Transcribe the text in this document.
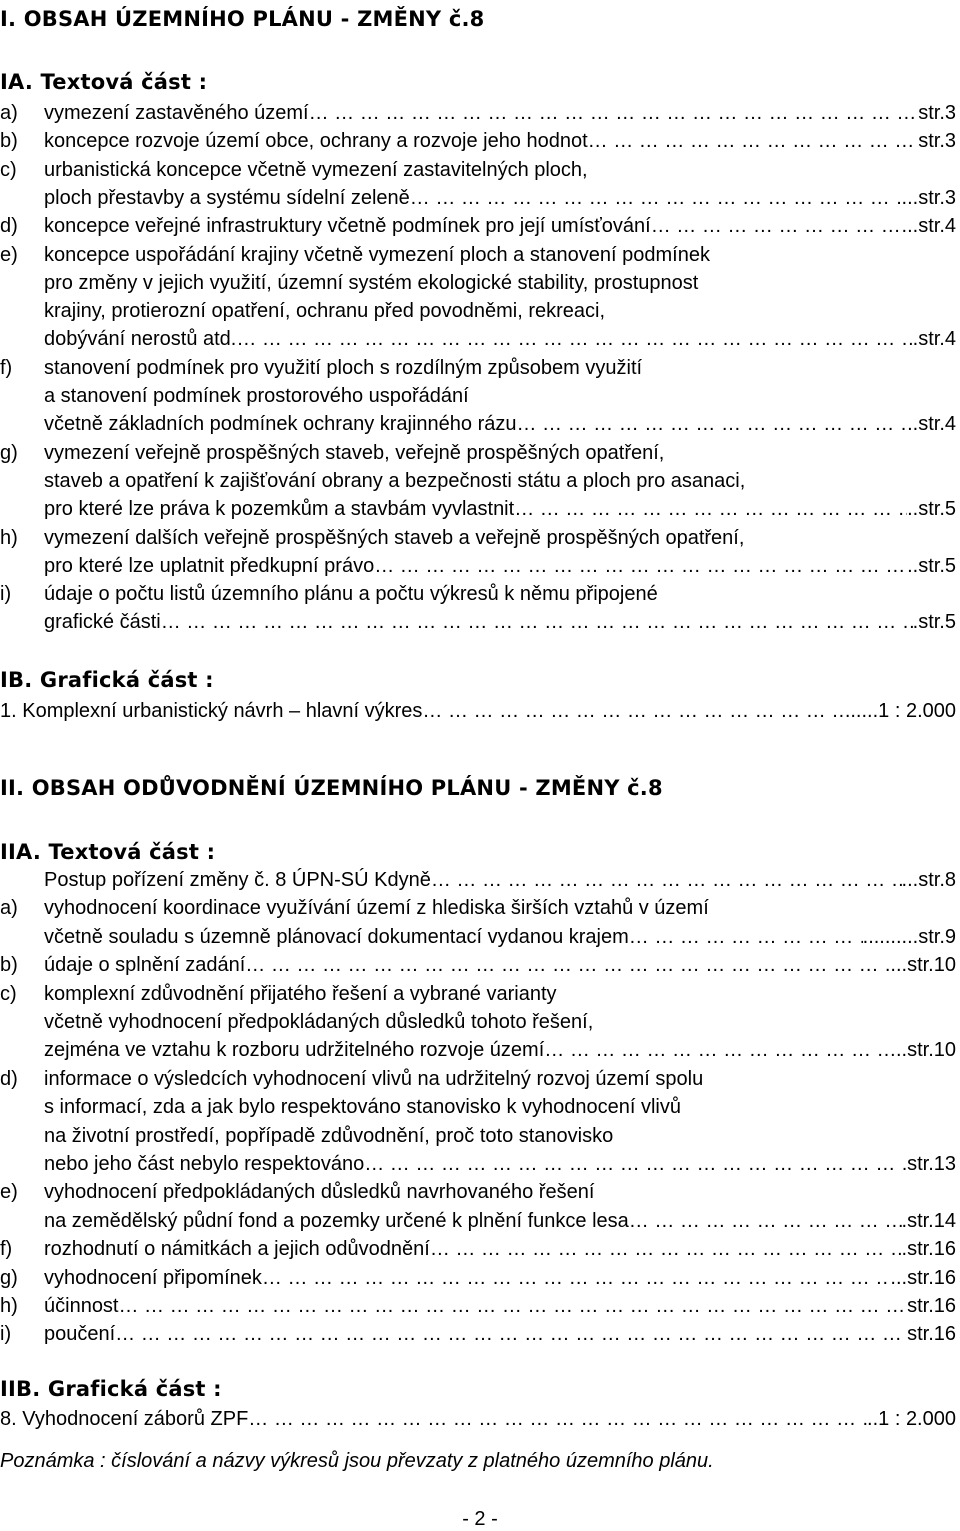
I. OBSAH ÚZEMNÍHO PLÁNU - ZMĚNY č.8
IA. Textová část :
a) vymezení zastavěného území … … … … … … … … … … … … … … … … … … … … … … … … … … … … … … … … …	str.3
b) koncepce rozvoje území obce, ochrany a rozvoje jeho hodnot … … … … … … … … … … … … … … … … … … … … … … … … … … … … … … … … …	str.3
c) urbanistická koncepce včetně vymezení zastavitelných ploch,
ploch přestavby a systému sídelní zeleně … … … … … … … … … … … … … … … … … … … … … … … … … … … … … … … … …	...str.3
d) koncepce veřejné infrastruktury včetně podmínek pro její umísťování … … … … … … … … … … … … … … … … … … … … … … … … … … … … … … … … …	...str.4
e) koncepce uspořádání krajiny včetně vymezení ploch a stanovení podmínek
pro změny v jejich využití, územní systém ekologické stability, prostupnost
krajiny, protierozní opatření, ochranu před povodněmi, rekreaci,
dobývání nerostů atd. … … … … … … … … … … … … … … … … … … … … … … … … … … … … … … … … …	.str.4
f) stanovení podmínek pro využití ploch s rozdílným způsobem využití
a stanovení podmínek prostorového uspořádání
včetně základních podmínek ochrany krajinného rázu … … … … … … … … … … … … … … … … … … … … … … … … … … … … … … … … …	..str.4
g) vymezení veřejně prospěšných staveb, veřejně prospěšných opatření,
staveb a opatření k zajišťování obrany a bezpečnosti státu a ploch pro asanaci,
pro které lze práva k pozemkům a stavbám vyvlastnit … … … … … … … … … … … … … … … … … … … … … … … … … … … … … … … … …	..str.5
h) vymezení dalších veřejně prospěšných staveb a veřejně prospěšných opatření,
pro které lze uplatnit předkupní právo … … … … … … … … … … … … … … … … … … … … … … … … … … … … … … … … …	..str.5
i) údaje o počtu listů územního plánu a počtu výkresů k němu připojené
grafické části … … … … … … … … … … … … … … … … … … … … … … … … … … … … … … … … …	.str.5
IB. Grafická část :
1. Komplexní urbanistický návrh – hlavní výkres … … … … … … … … … … … … … … … … … … … … … … … … … … … … … … … … …	......1 : 2.000
II. OBSAH ODŮVODNĚNÍ ÚZEMNÍHO PLÁNU - ZMĚNY č.8
IIA. Textová část :
Postup pořízení změny č. 8 ÚPN-SÚ Kdyně … … … … … … … … … … … … … … … … … … … … … … … … … … … … … … … … …	...str.8
a) vyhodnocení koordinace využívání území z hlediska širších vztahů v území
včetně souladu s územně plánovací dokumentací vydanou krajem … … … … … … … … … … … … … … … … … … … … … … … … … … … … … … … … …	..........str.9
b) údaje o splnění zadání … … … … … … … … … … … … … … … … … … … … … … … … … … … … … … … … …	....str.10
c) komplexní zdůvodnění přijatého řešení a vybrané varianty
včetně vyhodnocení předpokládaných důsledků tohoto řešení,
zejména ve vztahu k rozboru udržitelného rozvoje území … … … … … … … … … … … … … … … … … … … … … … … … … … … … … … … … …	..str.10
d) informace o výsledcích vyhodnocení vlivů na udržitelný rozvoj území spolu
s informací, zda a jak bylo respektováno stanovisko k vyhodnocení vlivů
na životní prostředí, popřípadě zdůvodnění, proč toto stanovisko
nebo jeho část nebylo respektováno … … … … … … … … … … … … … … … … … … … … … … … … … … … … … … … … …	str.13
e) vyhodnocení předpokládaných důsledků navrhovaného řešení
na zemědělský půdní fond a pozemky určené k plnění funkce lesa … … … … … … … … … … … … … … … … … … … … … … … … … … … … … … … … …	.str.14
f) rozhodnutí o námitkách a jejich odůvodnění … … … … … … … … … … … … … … … … … … … … … … … … … … … … … … … … …	.str.16
g) vyhodnocení připomínek … … … … … … … … … … … … … … … … … … … … … … … … … … … … … … … … …	...str.16
h) účinnost … … … … … … … … … … … … … … … … … … … … … … … … … … … … … … … … …	str.16
i) poučení … … … … … … … … … … … … … … … … … … … … … … … … … … … … … … … … …	str.16
IIB. Grafická část :
8. Vyhodnocení záborů ZPF … … … … … … … … … … … … … … … … … … … … … … … … … … … … … … … … …	..1 : 2.000
Poznámka : číslování a názvy výkresů jsou převzaty z platného územního plánu.
- 2 -
